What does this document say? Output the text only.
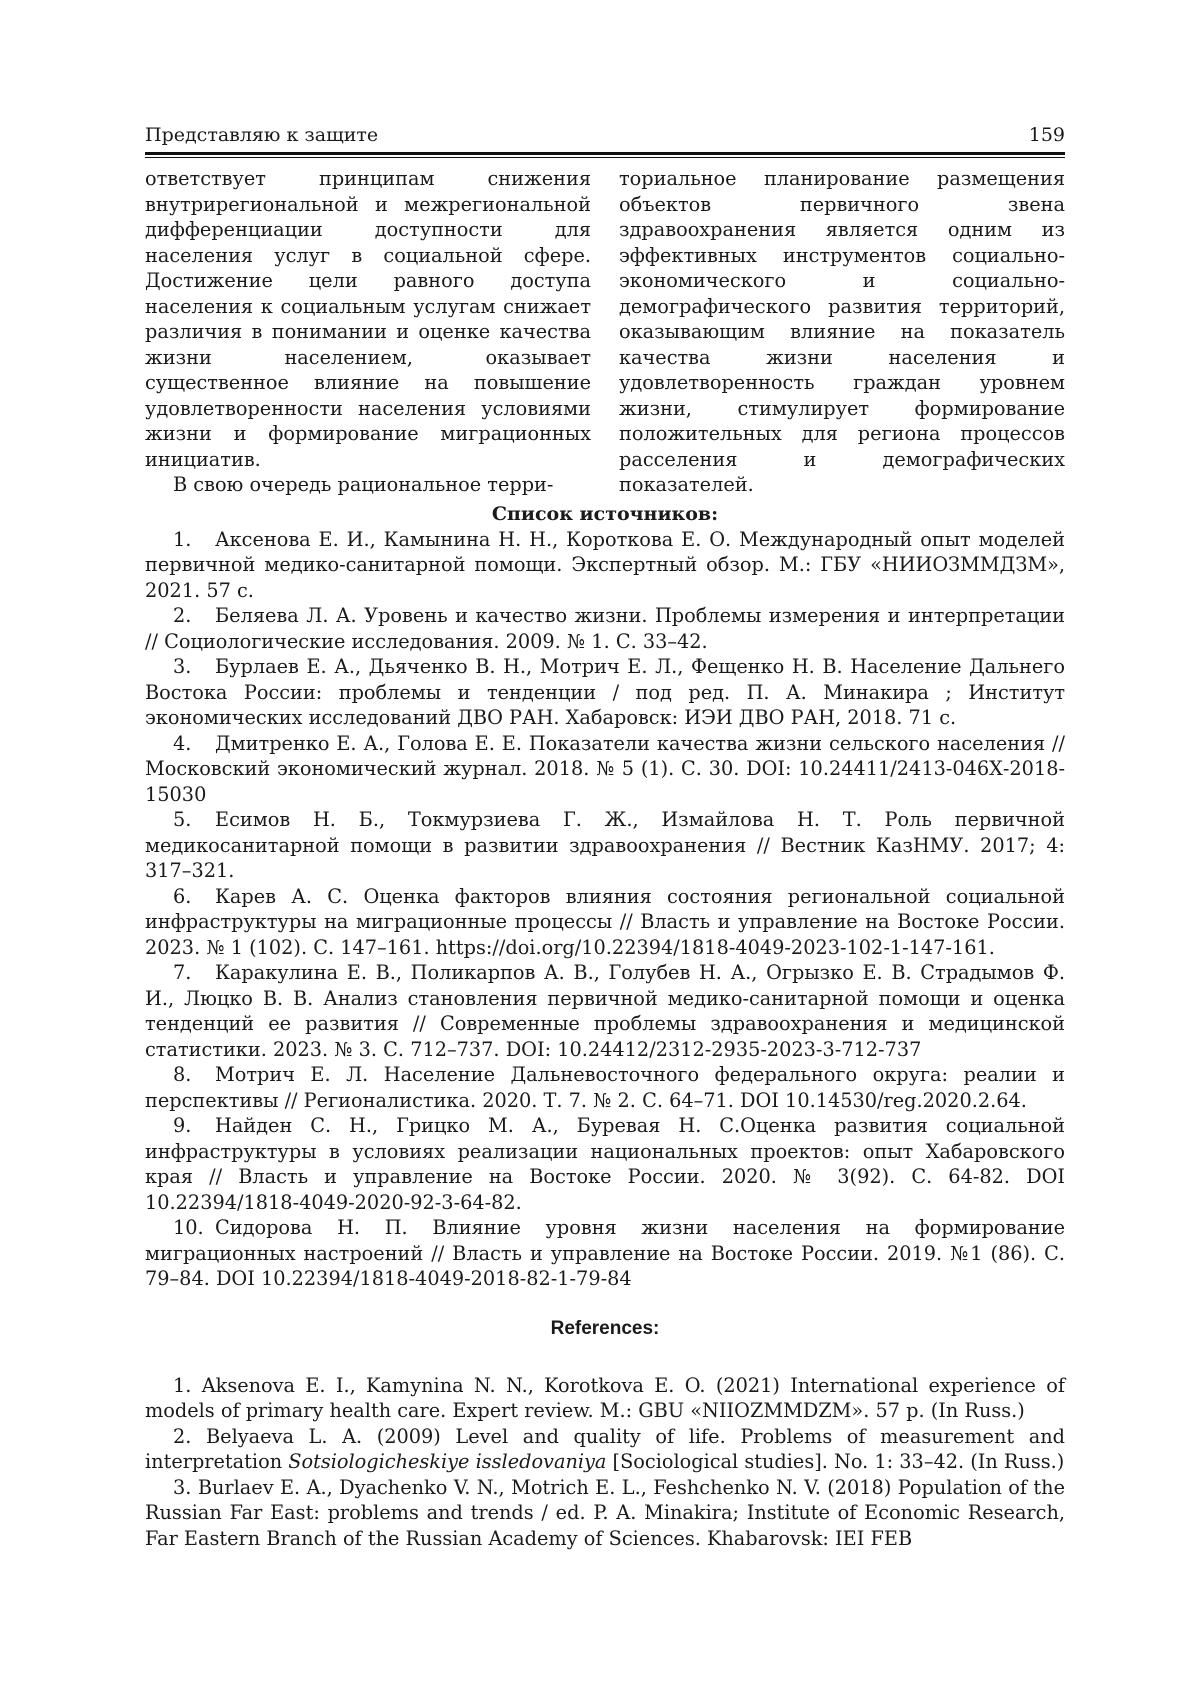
Представляю к защите	159

ответствует принципам снижения внутрирегиональной и межрегиональной дифференциации доступности для населения услуг в социальной сфере. Достижение цели равного доступа населения к социальным услугам снижает различия в понимании и оценке качества жизни населением, оказывает существенное влияние на повышение удовлетворенности населения условиями жизни и формирование миграционных инициатив.

В свою очередь рациональное терри-

ториальное планирование размещения объектов первичного звена здравоохранения является одним из эффективных инструментов социально-экономического и социально-демографического развития территорий, оказывающим влияние на показатель качества жизни населения и удовлетворенность граждан уровнем жизни, стимулирует формирование положительных для региона процессов расселения и демографических показателей.

Список источников:

1. Аксенова Е. И., Камынина Н. Н., Короткова Е. О. Международный опыт моделей первичной медико-санитарной помощи. Экспертный обзор. М.: ГБУ «НИИОЗММДЗМ», 2021. 57 с.

2. Беляева Л. А. Уровень и качество жизни. Проблемы измерения и интерпретации // Социологические исследования. 2009. № 1. С. 33–42.

3. Бурлаев Е. А., Дьяченко В. Н., Мотрич Е. Л., Фещенко Н. В. Население Дальнего Востока России: проблемы и тенденции / под ред. П. А. Минакира ; Институт экономических исследований ДВО РАН. Хабаровск: ИЭИ ДВО РАН, 2018. 71 с.

4. Дмитренко Е. А., Голова Е. Е. Показатели качества жизни сельского населения // Московский экономический журнал. 2018. № 5 (1). С. 30. DOI: 10.24411/2413-046Х-2018-15030

5. Есимов Н. Б., Токмурзиева Г. Ж., Измайлова Н. Т. Роль первичной медикосанитарной помощи в развитии здравоохранения // Вестник КазНМУ. 2017; 4: 317–321.

6. Карев А. С. Оценка факторов влияния состояния региональной социальной инфраструктуры на миграционные процессы // Власть и управление на Востоке России. 2023. № 1 (102). С. 147–161. https://doi.org/10.22394/1818-4049-2023-102-1-147-161.

7. Каракулина Е. В., Поликарпов А. В., Голубев Н. А., Огрызко Е. В. Страдымов Ф. И., Люцко В. В. Анализ становления первичной медико-санитарной помощи и оценка тенденций ее развития // Современные проблемы здравоохранения и медицинской статистики. 2023. № 3. С. 712–737. DOI: 10.24412/2312-2935-2023-3-712-737

8. Мотрич Е. Л. Население Дальневосточного федерального округа: реалии и перспективы // Регионалистика. 2020. Т. 7. № 2. С. 64–71. DOI 10.14530/reg.2020.2.64.

9. Найден С. Н., Грицко М. А., Буревая Н. С.Оценка развития социальной инфраструктуры в условиях реализации национальных проектов: опыт Хабаровского края // Власть и управление на Востоке России. 2020. № 3(92). С. 64-82. DOI 10.22394/1818-4049-2020-92-3-64-82.

10. Сидорова Н. П. Влияние уровня жизни населения на формирование миграционных настроений // Власть и управление на Востоке России. 2019. №1 (86). С. 79–84. DOI 10.22394/1818-4049-2018-82-1-79-84

References:

1. Aksenova E. I., Kamynina N. N., Korotkova E. O. (2021) International experience of models of primary health care. Expert review. M.: GBU «NIIOZMMDZM». 57 p. (In Russ.)

2. Belyaeva L. A. (2009) Level and quality of life. Problems of measurement and interpretation Sotsiologicheskiye issledovaniya [Sociological studies]. No. 1: 33–42. (In Russ.)

3. Burlaev E. A., Dyachenko V. N., Motrich E. L., Feshchenko N. V. (2018) Population of the Russian Far East: problems and trends / ed. P. A. Minakira; Institute of Economic Research, Far Eastern Branch of the Russian Academy of Sciences. Khabarovsk: IEI FEB
